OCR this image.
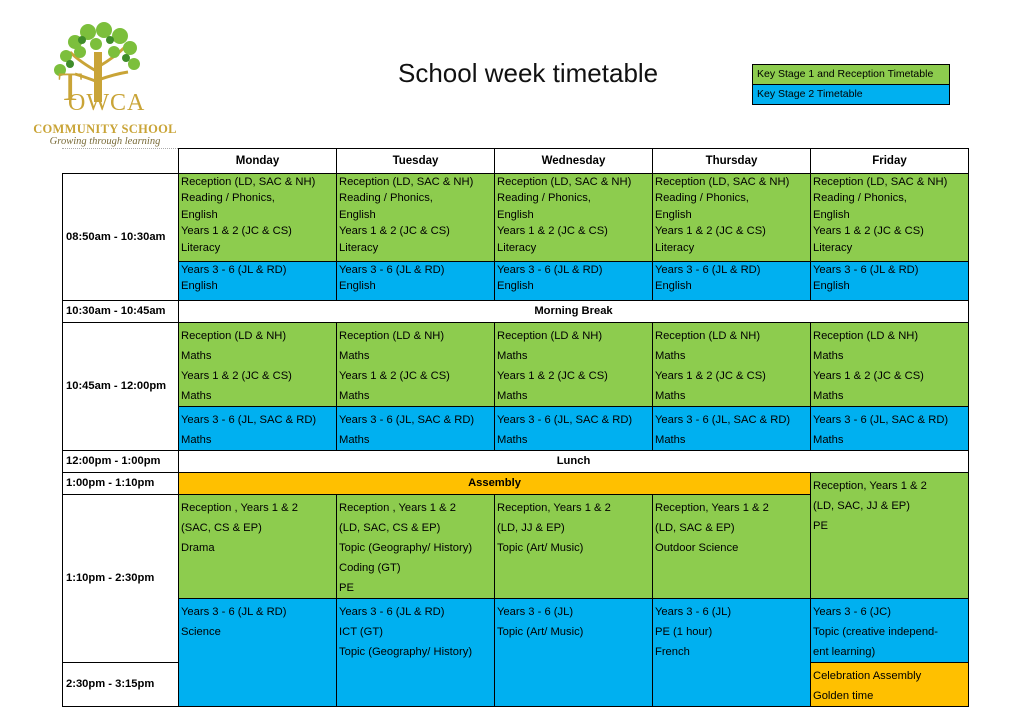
T
OWCA
COMMUNITY SCHOOL
Growing through learning
School week timetable	Key Stage 1 and Reception Timetable
Key Stage 2 Timetable
	Monday	Tuesday	Wednesday	Thursday	Friday
08:50am - 10:30am	Reception (LD, SAC & NH)
Reading / Phonics,
English
Years 1 & 2 (JC & CS)
Literacy	Reception (LD, SAC & NH)
Reading / Phonics,
English
Years 1 & 2 (JC & CS)
Literacy	Reception (LD, SAC & NH)
Reading / Phonics,
English
Years 1 & 2 (JC & CS)
Literacy	Reception (LD, SAC & NH)
Reading / Phonics,
English
Years 1 & 2 (JC & CS)
Literacy	Reception (LD, SAC & NH)
Reading / Phonics,
English
Years 1 & 2 (JC & CS)
Literacy

	Years 3 - 6 (JL & RD)
English	Years 3 - 6 (JL & RD)
English	Years 3 - 6 (JL & RD)
English	Years 3 - 6 (JL & RD)
English	Years 3 - 6 (JL & RD)
English

10:30am - 10:45am	Morning Break				
10:45am - 12:00pm	Reception (LD & NH)
Maths
Years 1 & 2 (JC & CS)
Maths	Reception (LD & NH)
Maths
Years 1 & 2 (JC & CS)
Maths	Reception (LD & NH)
Maths
Years 1 & 2 (JC & CS)
Maths	Reception (LD & NH)
Maths
Years 1 & 2 (JC & CS)
Maths	Reception (LD & NH)
Maths
Years 1 & 2 (JC & CS)
Maths

	Years 3 - 6 (JL, SAC & RD)
Maths	Years 3 - 6 (JL, SAC & RD)
Maths	Years 3 - 6 (JL, SAC & RD)
Maths	Years 3 - 6 (JL, SAC & RD)
Maths	Years 3 - 6 (JL, SAC & RD)
Maths

12:00pm - 1:00pm	Lunch				
1:00pm - 1:10pm	Assembly				Reception, Years 1 & 2
(LD, SAC, JJ & EP)
PE

1:10pm - 2:30pm	Reception , Years 1 & 2
(SAC, CS & EP)
Drama	Reception , Years 1 & 2
(LD, SAC, CS & EP)
Topic (Geography/ History)
Coding (GT)
PE	Reception, Years 1 & 2
(LD, JJ & EP)
Topic (Art/ Music)	Reception, Years 1 & 2
(LD, SAC & EP)
Outdoor Science	

	Years 3 - 6 (JL & RD)
Science	Years 3 - 6 (JL & RD)
ICT (GT)
Topic (Geography/ History)	Years 3 - 6 (JL)
Topic (Art/ Music)	Years 3 - 6 (JL)
PE (1 hour)
French	Years 3 - 6 (JC)
Topic (creative independ-
ent learning)

2:30pm - 3:15pm					Celebration Assembly
Golden time
